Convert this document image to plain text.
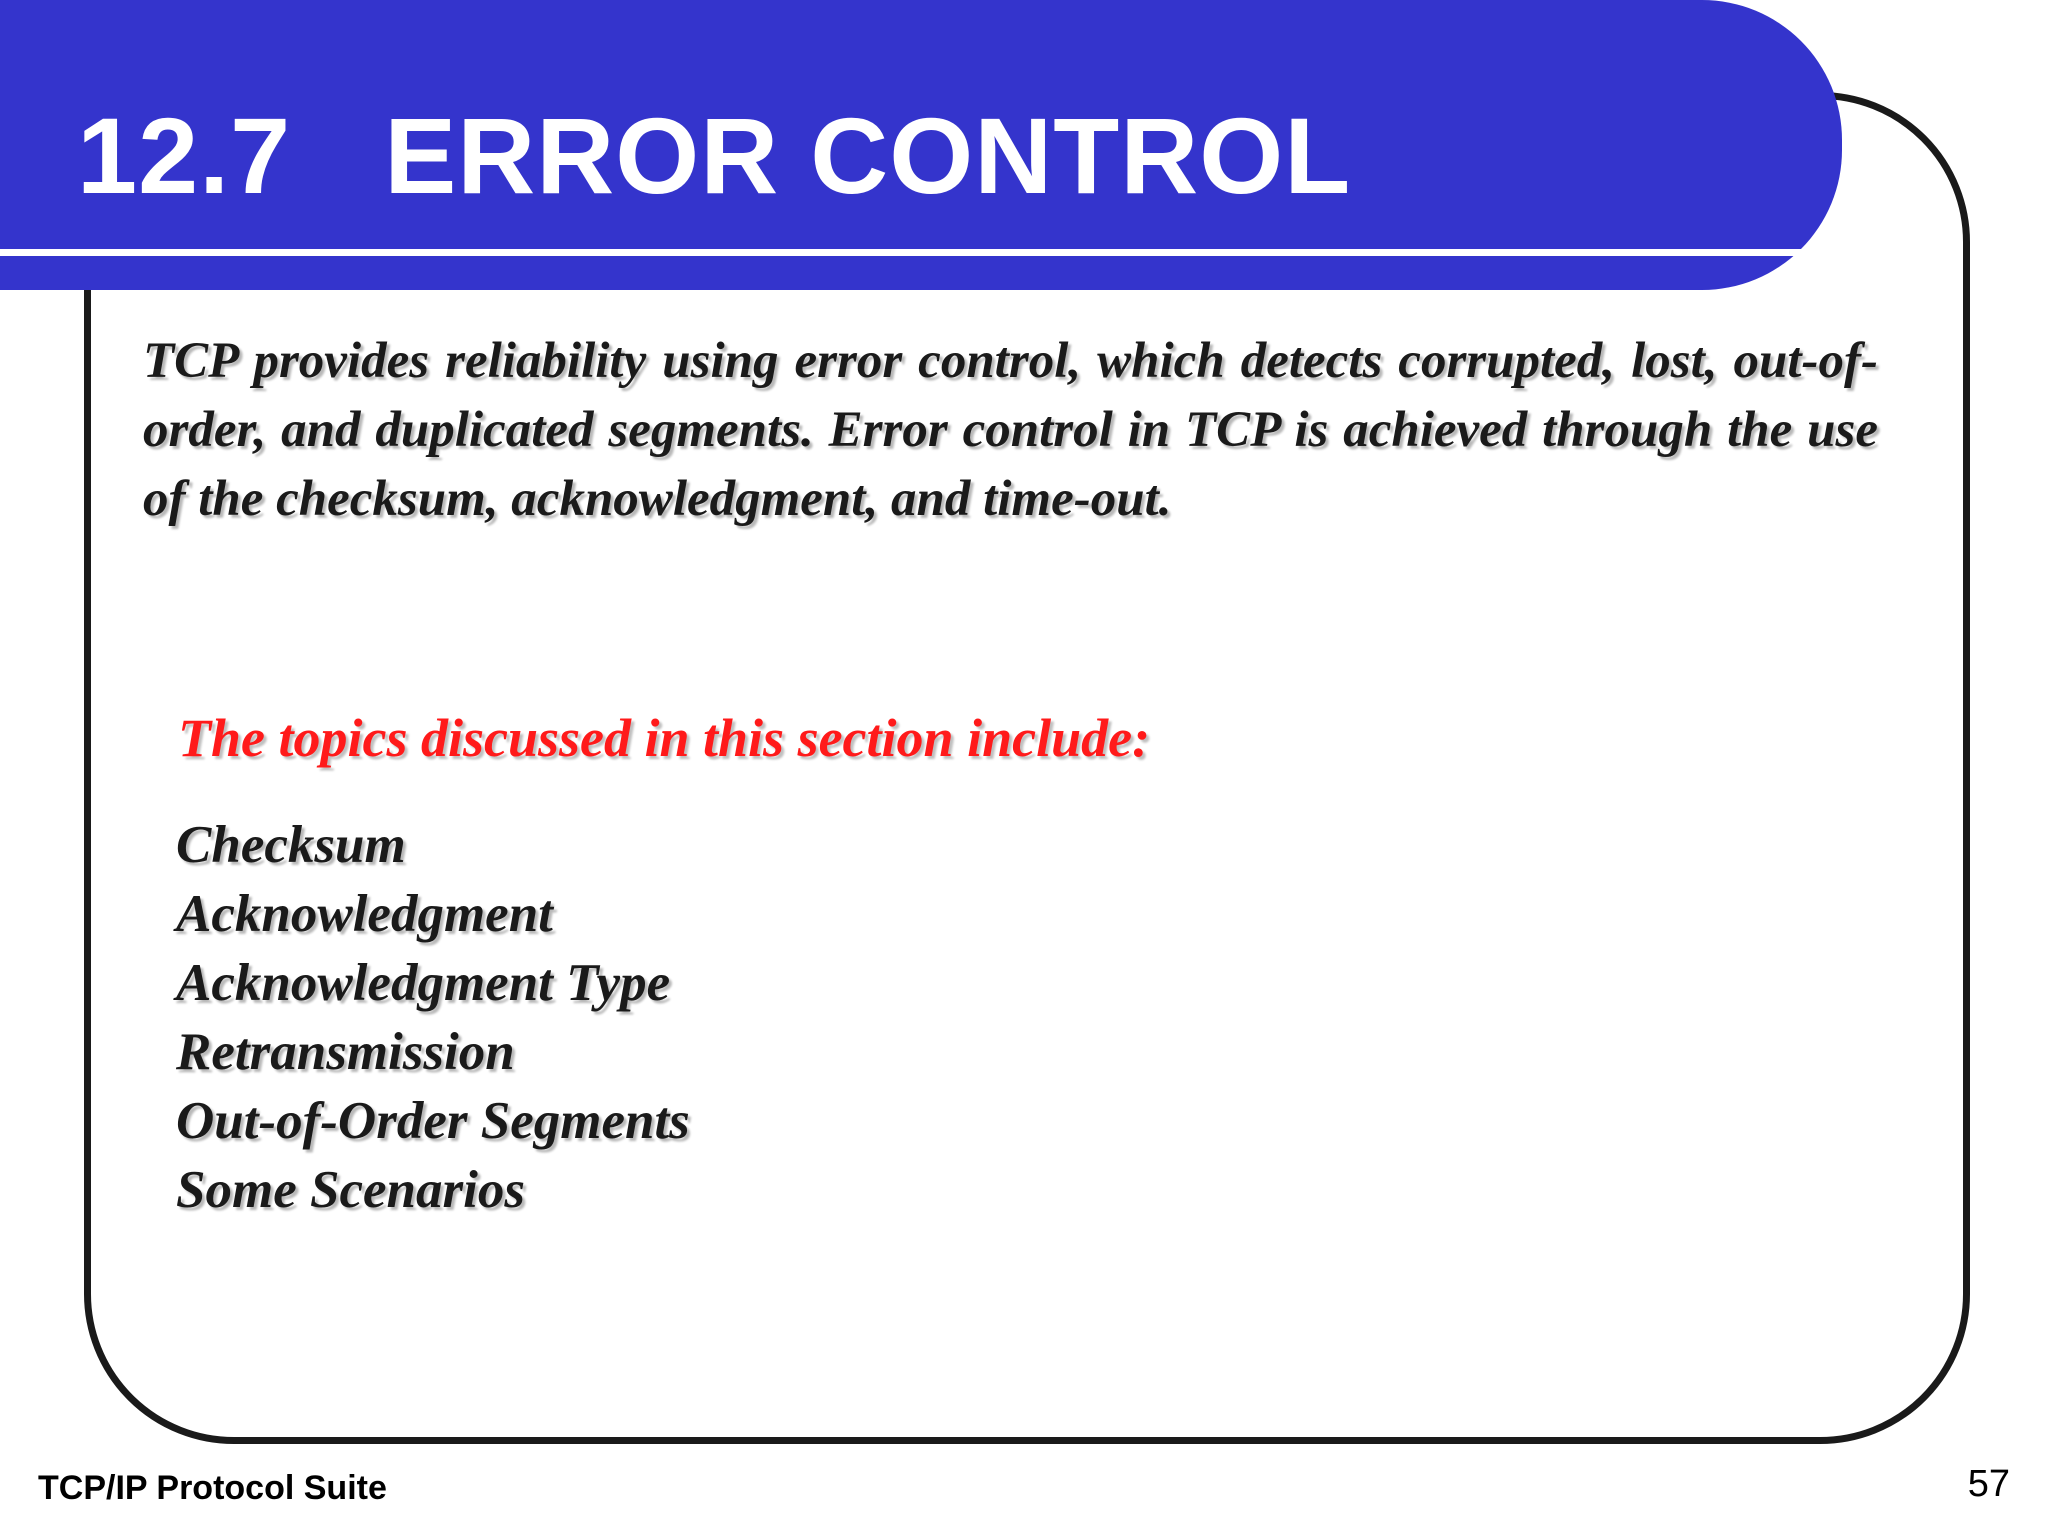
12.7 ERROR CONTROL

TCP provides reliability using error control, which detects corrupted, lost, out-of-order, and duplicated segments. Error control in TCP is achieved through the use of the checksum, acknowledgment, and time-out.

The topics discussed in this section include:

Checksum
Acknowledgment
Acknowledgment Type
Retransmission
Out-of-Order Segments
Some Scenarios
TCP/IP Protocol Suite	57
